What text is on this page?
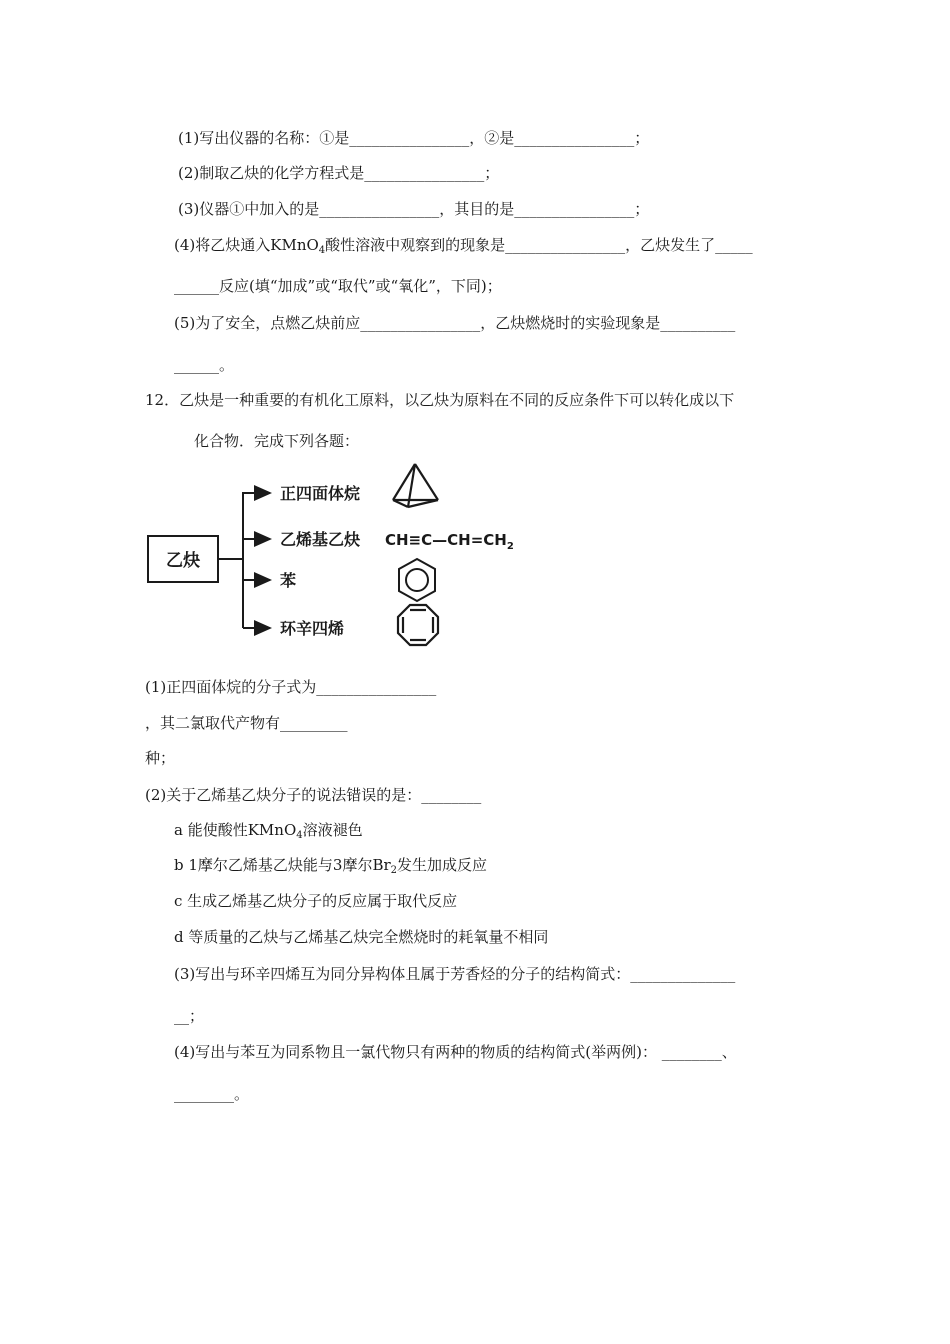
(1)写出仪器的名称：①是________________，②是________________；
(2)制取乙炔的化学方程式是________________；
(3)仪器①中加入的是________________，其目的是________________；
(4)将乙炔通入KMnO$_4$酸性溶液中观察到的现象是________________，乙炔发生了_____
______反应(填“加成”或“取代”或“氧化”，下同)；
(5)为了安全，点燃乙炔前应________________，乙炔燃烧时的实验现象是__________
______。
12．乙炔是一种重要的有机化工原料，以乙炔为原料在不同的反应条件下可以转化成以下
化合物．完成下列各题：
乙炔
正四面体烷
乙烯基乙炔
苯
环辛四烯
$CH\equiv C—CH=CH_2$
(1)正四面体烷的分子式为________________
，其二氯取代产物有_________
种；
(2)关于乙烯基乙炔分子的说法错误的是：________
a 能使酸性KMnO$_4$溶液褪色
b 1摩尔乙烯基乙炔能与3摩尔$Br_2$发生加成反应
c 生成乙烯基乙炔分子的反应属于取代反应
d 等质量的乙炔与乙烯基乙炔完全燃烧时的耗氧量不相同
(3)写出与环辛四烯互为同分异构体且属于芳香烃的分子的结构简式：______________
__；
(4)写出与苯互为同系物且一氯代物只有两种的物质的结构简式(举两例)： ________、
________。
